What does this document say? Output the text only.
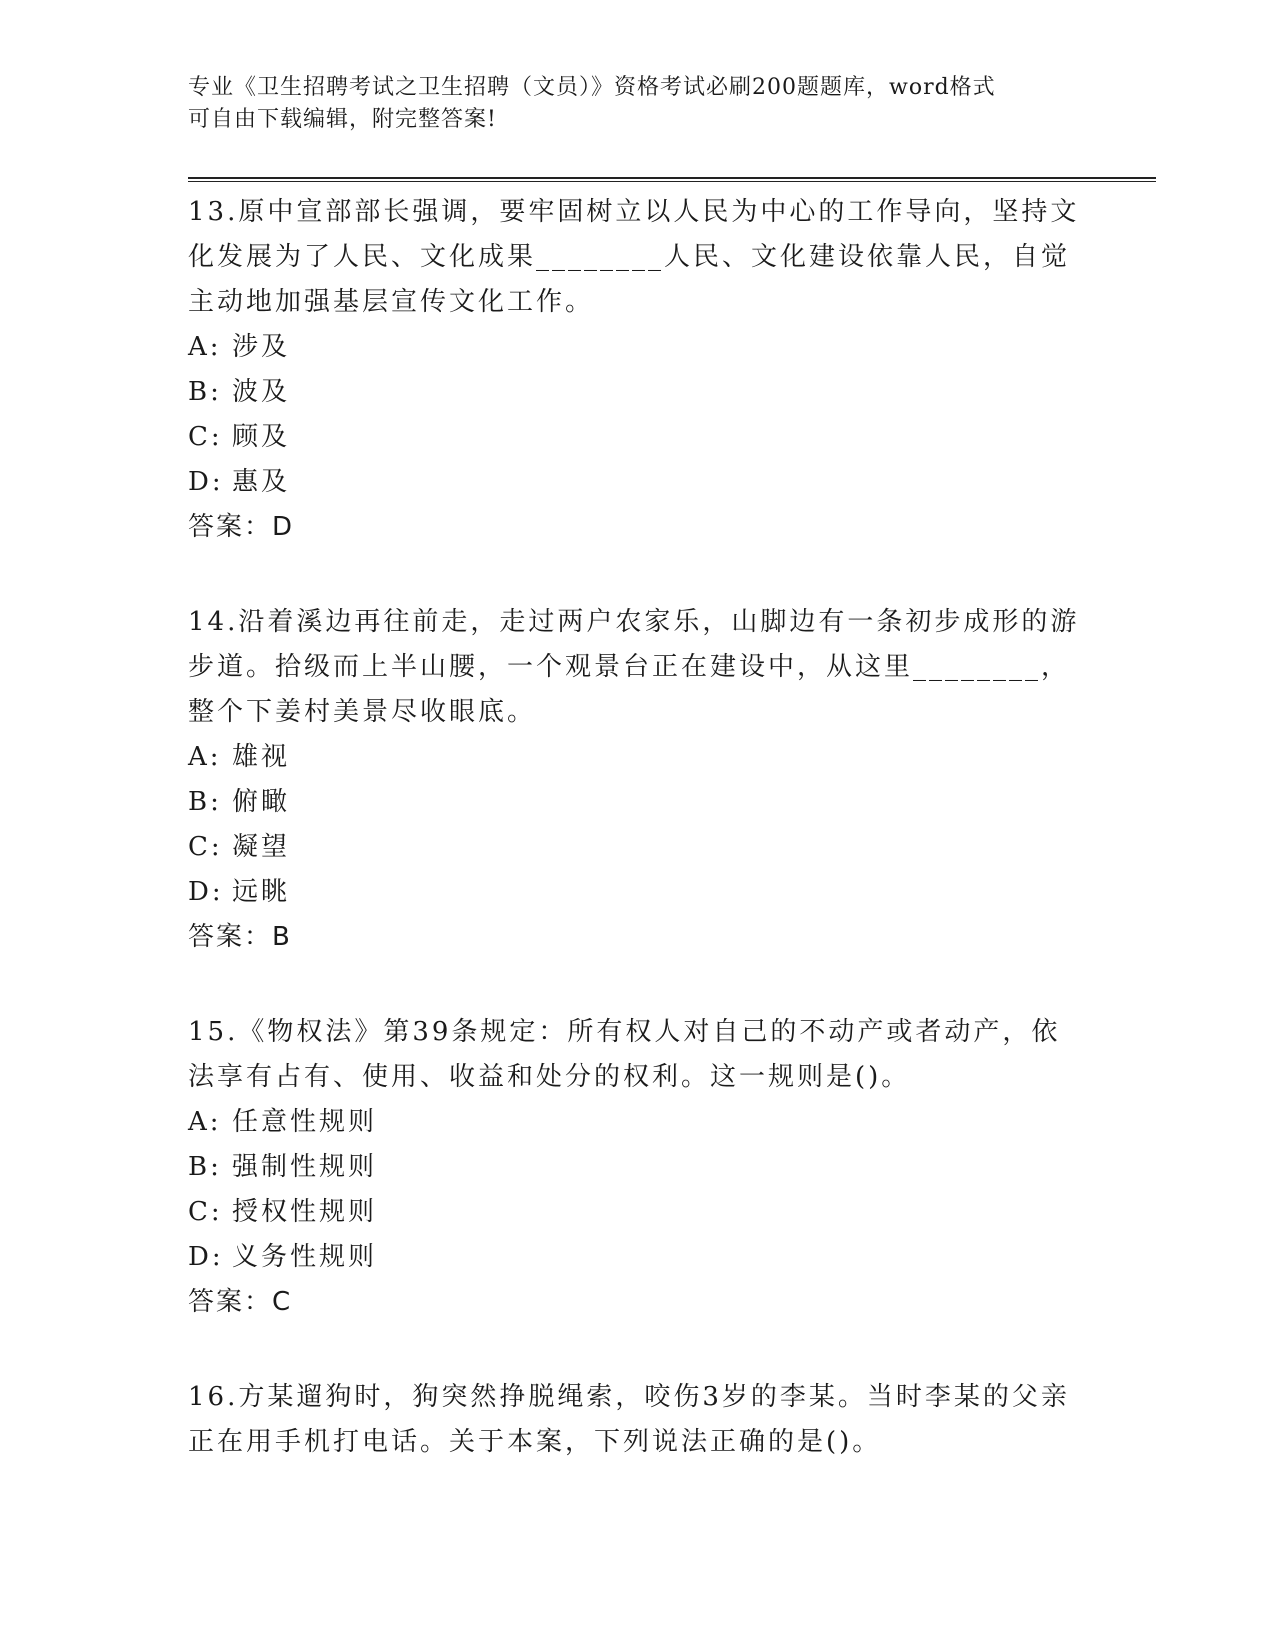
专业《卫生招聘考试之卫生招聘（文员）》资格考试必刷200题题库，word格式
可自由下载编辑，附完整答案!

13.原中宣部部长强调，要牢固树立以人民为中心的工作导向，坚持文

化发展为了人民、文化成果________人民、文化建设依靠人民，自觉

主动地加强基层宣传文化工作。

A: 涉及

B: 波及

C: 顾及

D: 惠及

答案：D

14.沿着溪边再往前走，走过两户农家乐，山脚边有一条初步成形的游

步道。拾级而上半山腰，一个观景台正在建设中，从这里________，

整个下姜村美景尽收眼底。

A: 雄视

B: 俯瞰

C: 凝望

D: 远眺

答案：B

15.《物权法》第39条规定：所有权人对自己的不动产或者动产，依

法享有占有、使用、收益和处分的权利。这一规则是()。

A: 任意性规则

B: 强制性规则

C: 授权性规则

D: 义务性规则

答案：C

16.方某遛狗时，狗突然挣脱绳索，咬伤3岁的李某。当时李某的父亲

正在用手机打电话。关于本案，下列说法正确的是()。
